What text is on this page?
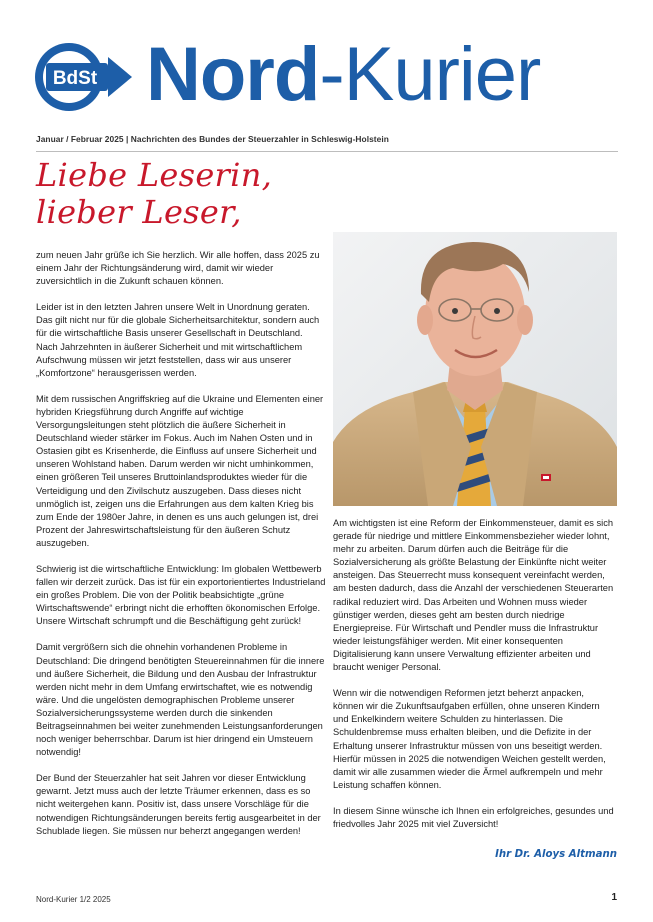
BdSt Nord-Kurier
Januar / Februar 2025 | Nachrichten des Bundes der Steuerzahler in Schleswig-Holstein
Liebe Leserin,
lieber Leser,

zum neuen Jahr grüße ich Sie herzlich. Wir alle hoffen, dass 2025 zu einem Jahr der Richtungsänderung wird, damit wir wieder zuversichtlich in die Zukunft schauen können.

Leider ist in den letzten Jahren unsere Welt in Unordnung geraten. Das gilt nicht nur für die globale Sicherheitsarchitektur, sondern auch für die wirtschaftliche Basis unserer Gesellschaft in Deutschland. Nach Jahrzehnten in äußerer Sicherheit und mit wirtschaftlichem Aufschwung müssen wir jetzt feststellen, dass wir aus unserer „Komfortzone“ herausgerissen werden.

Mit dem russischen Angriffskrieg auf die Ukraine und Elementen einer hybriden Kriegsführung durch Angriffe auf wichtige Versorgungsleitungen steht plötzlich die äußere Sicherheit in Deutschland wieder stärker im Fokus. Auch im Nahen Osten und in Ostasien gibt es Krisenherde, die Einfluss auf unsere Sicherheit und unseren Wohlstand haben. Darum werden wir nicht umhinkommen, einen größeren Teil unseres Bruttoinlandsproduktes wieder für die Verteidigung und den Zivilschutz auszugeben. Dass dieses nicht unmöglich ist, zeigen uns die Erfahrungen aus dem kalten Krieg bis zum Ende der 1980er Jahre, in denen es uns auch gelungen ist, drei Prozent der Jahreswirtschaftsleistung für den äußeren Schutz auszugeben.

Schwierig ist die wirtschaftliche Entwicklung: Im globalen Wettbewerb fallen wir derzeit zurück. Das ist für ein exportorientiertes Industrieland ein großes Problem. Die von der Politik beabsichtigte „grüne Wirtschaftswende“ erbringt nicht die erhofften ökonomischen Erfolge. Unsere Wirtschaft schrumpft und die Beschäftigung geht zurück!

Damit vergrößern sich die ohnehin vorhandenen Probleme in Deutschland: Die dringend benötigten Steuereinnahmen für die innere und äußere Sicherheit, die Bildung und den Ausbau der Infrastruktur werden nicht mehr in dem Umfang erwirtschaftet, wie es notwendig wäre. Und die ungelösten demographischen Probleme unserer Sozialversicherungssysteme werden durch die sinkenden Beitragseinnahmen bei weiter zunehmenden Leistungsanforderungen noch weniger beherrschbar. Darum ist hier dringend ein Umsteuern notwendig!

Der Bund der Steuerzahler hat seit Jahren vor dieser Entwicklung gewarnt. Jetzt muss auch der letzte Träumer erkennen, dass es so nicht weitergehen kann. Positiv ist, dass unsere Vorschläge für die notwendigen Richtungsänderungen bereits fertig ausgearbeitet in der Schublade liegen. Sie müssen nur beherzt angegangen werden!

Am wichtigsten ist eine Reform der Einkommensteuer, damit es sich gerade für niedrige und mittlere Einkommensbezieher wieder lohnt, mehr zu arbeiten. Darum dürfen auch die Beiträge für die Sozialversicherung als größte Belastung der Einkünfte nicht weiter ansteigen. Das Steuerrecht muss konsequent vereinfacht werden, am besten dadurch, dass die Anzahl der verschiedenen Steuerarten radikal reduziert wird. Das Arbeiten und Wohnen muss wieder günstiger werden, dieses geht am besten durch niedrige Energiepreise. Für Wirtschaft und Pendler muss die Infrastruktur wieder leistungsfähiger werden. Mit einer konsequenten Digitalisierung kann unsere Verwaltung effizienter arbeiten und braucht weniger Personal.

Wenn wir die notwendigen Reformen jetzt beherzt anpacken, können wir die Zukunftsaufgaben erfüllen, ohne unseren Kindern und Enkelkindern weitere Schulden zu hinterlassen. Die Schuldenbremse muss erhalten bleiben, und die Defizite in der Erhaltung unserer Infrastruktur müssen von uns beseitigt werden. Hierfür müssen in 2025 die notwendigen Weichen gestellt werden, damit wir alle zusammen wieder die Ärmel aufkrempeln und mehr Leistung schaffen können.

In diesem Sinne wünsche ich Ihnen ein erfolgreiches, gesundes und friedvolles Jahr 2025 mit viel Zuversicht!

Ihr Dr. Aloys Altmann
Nord-Kurier 1/2 2025	1
